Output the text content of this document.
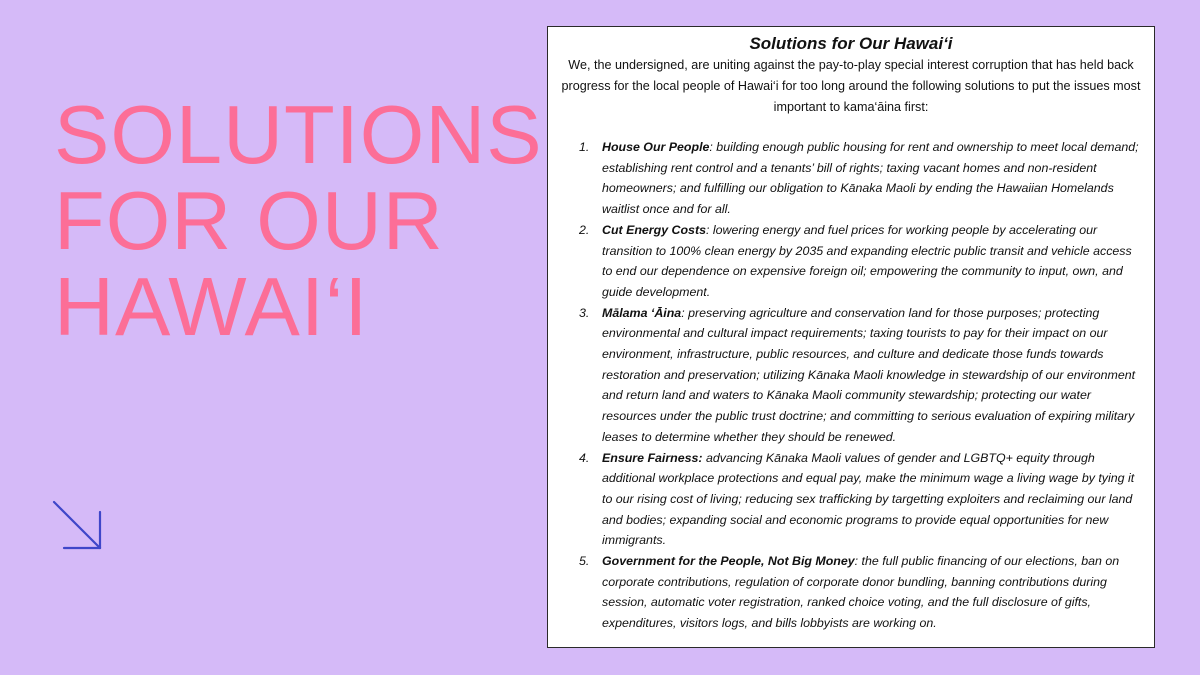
SOLUTIONS
FOR OUR
HAWAI‘I

Solutions for Our Hawai‘i

We, the undersigned, are uniting against the pay-to-play special interest corruption that has held back progress for the local people of Hawai‘i for too long around the following solutions to put the issues most important to kama‘āina first:

1. House Our People: building enough public housing for rent and ownership to meet local demand; establishing rent control and a tenants’ bill of rights; taxing vacant homes and non-resident homeowners; and fulfilling our obligation to Kānaka Maoli by ending the Hawaiian Homelands waitlist once and for all.
2. Cut Energy Costs: lowering energy and fuel prices for working people by accelerating our transition to 100% clean energy by 2035 and expanding electric public transit and vehicle access to end our dependence on expensive foreign oil; empowering the community to input, own, and guide development.
3. Mālama ‘Āina: preserving agriculture and conservation land for those purposes; protecting environmental and cultural impact requirements; taxing tourists to pay for their impact on our environment, infrastructure, public resources, and culture and dedicate those funds towards restoration and preservation; utilizing Kānaka Maoli knowledge in stewardship of our environment and return land and waters to Kānaka Maoli community stewardship; protecting our water resources under the public trust doctrine; and committing to serious evaluation of expiring military leases to determine whether they should be renewed.
4. Ensure Fairness: advancing Kānaka Maoli values of gender and LGBTQ+ equity through additional workplace protections and equal pay, make the minimum wage a living wage by tying it to our rising cost of living; reducing sex trafficking by targetting exploiters and reclaiming our land and bodies; expanding social and economic programs to provide equal opportunities for new immigrants.
5. Government for the People, Not Big Money: the full public financing of our elections, ban on corporate contributions, regulation of corporate donor bundling, banning contributions during session, automatic voter registration, ranked choice voting, and the full disclosure of gifts, expenditures, visitors logs, and bills lobbyists are working on.
